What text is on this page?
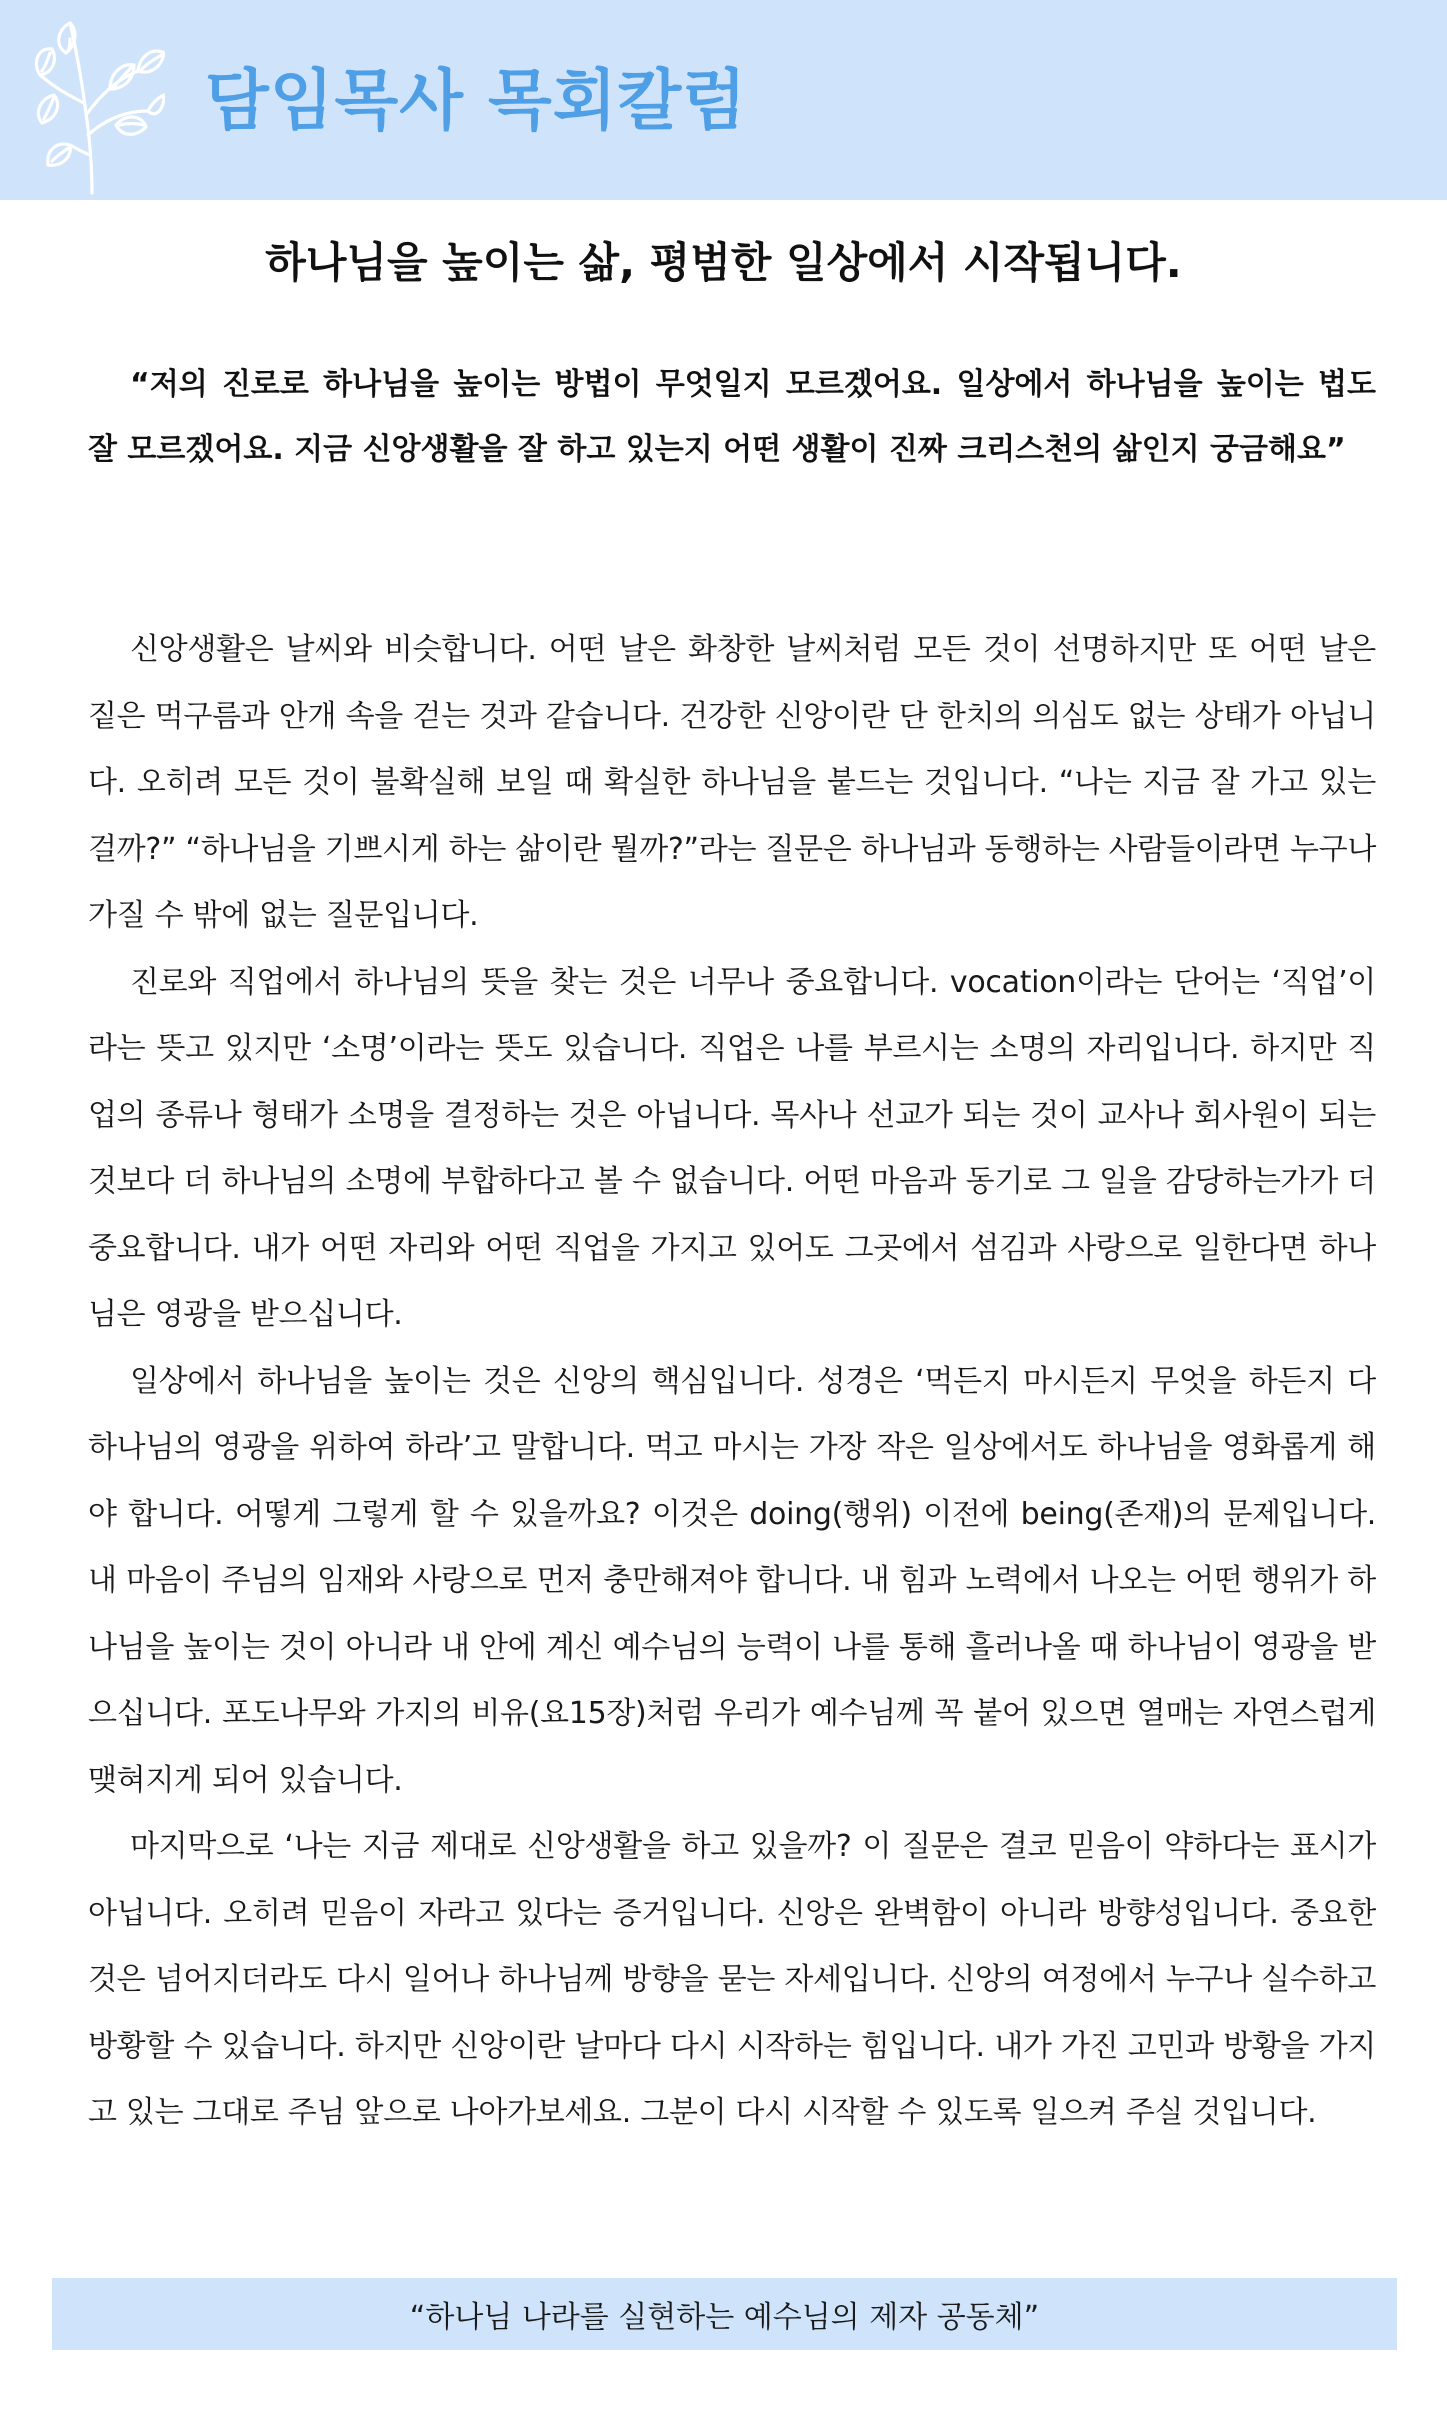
담임목사 목회칼럼
하나님을 높이는 삶, 평범한 일상에서 시작됩니다.
“저의 진로로 하나님을 높이는 방법이 무엇일지 모르겠어요. 일상에서 하나님을 높이는 법도 잘 모르겠어요. 지금 신앙생활을 잘 하고 있는지 어떤 생활이 진짜 크리스천의 삶인지 궁금해요”

신앙생활은 날씨와 비슷합니다. 어떤 날은 화창한 날씨처럼 모든 것이 선명하지만 또 어떤 날은 짙은 먹구름과 안개 속을 걷는 것과 같습니다. 건강한 신앙이란 단 한치의 의심도 없는 상태가 아닙니다. 오히려 모든 것이 불확실해 보일 때 확실한 하나님을 붙드는 것입니다. “나는 지금 잘 가고 있는 걸까?” “하나님을 기쁘시게 하는 삶이란 뭘까?”라는 질문은 하나님과 동행하는 사람들이라면 누구나 가질 수 밖에 없는 질문입니다.

진로와 직업에서 하나님의 뜻을 찾는 것은 너무나 중요합니다. vocation이라는 단어는 ‘직업’이라는 뜻고 있지만 ‘소명’이라는 뜻도 있습니다. 직업은 나를 부르시는 소명의 자리입니다. 하지만 직업의 종류나 형태가 소명을 결정하는 것은 아닙니다. 목사나 선교가 되는 것이 교사나 회사원이 되는 것보다 더 하나님의 소명에 부합하다고 볼 수 없습니다. 어떤 마음과 동기로 그 일을 감당하는가가 더 중요합니다. 내가 어떤 자리와 어떤 직업을 가지고 있어도 그곳에서 섬김과 사랑으로 일한다면 하나님은 영광을 받으십니다.

일상에서 하나님을 높이는 것은 신앙의 핵심입니다. 성경은 ‘먹든지 마시든지 무엇을 하든지 다 하나님의 영광을 위하여 하라’고 말합니다. 먹고 마시는 가장 작은 일상에서도 하나님을 영화롭게 해야 합니다. 어떻게 그렇게 할 수 있을까요? 이것은 doing(행위) 이전에 being(존재)의 문제입니다. 내 마음이 주님의 임재와 사랑으로 먼저 충만해져야 합니다. 내 힘과 노력에서 나오는 어떤 행위가 하나님을 높이는 것이 아니라 내 안에 계신 예수님의 능력이 나를 통해 흘러나올 때 하나님이 영광을 받으십니다. 포도나무와 가지의 비유(요15장)처럼 우리가 예수님께 꼭 붙어 있으면 열매는 자연스럽게 맺혀지게 되어 있습니다.

마지막으로 ‘나는 지금 제대로 신앙생활을 하고 있을까? 이 질문은 결코 믿음이 약하다는 표시가 아닙니다. 오히려 믿음이 자라고 있다는 증거입니다. 신앙은 완벽함이 아니라 방향성입니다. 중요한 것은 넘어지더라도 다시 일어나 하나님께 방향을 묻는 자세입니다. 신앙의 여정에서 누구나 실수하고 방황할 수 있습니다. 하지만 신앙이란 날마다 다시 시작하는 힘입니다. 내가 가진 고민과 방황을 가지고 있는 그대로 주님 앞으로 나아가보세요. 그분이 다시 시작할 수 있도록 일으켜 주실 것입니다.

“하나님 나라를 실현하는 예수님의 제자 공동체”
